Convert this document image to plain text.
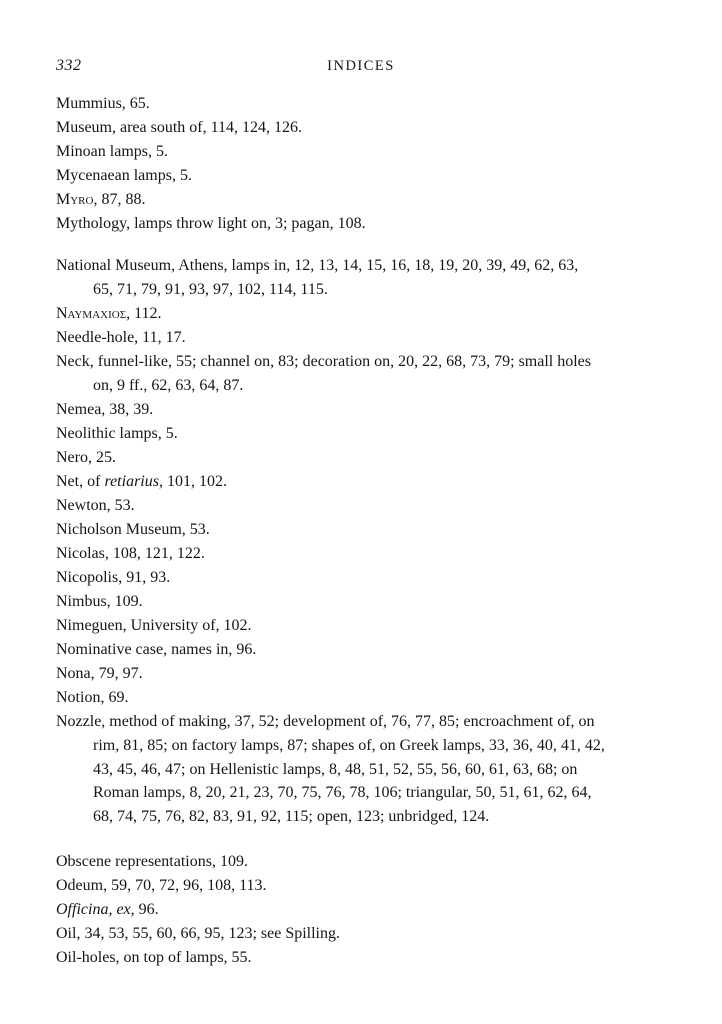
332	INDICES
Mummius, 65.
Museum, area south of, 114, 124, 126.
Minoan lamps, 5.
Mycenaean lamps, 5.
Myro, 87, 88.
Mythology, lamps throw light on, 3; pagan, 108.
National Museum, Athens, lamps in, 12, 13, 14, 15, 16, 18, 19, 20, 39, 49, 62, 63,
65, 71, 79, 91, 93, 97, 102, 114, 115.
Naymaxioσ, 112.
Needle-hole, 11, 17.
Neck, funnel-like, 55; channel on, 83; decoration on, 20, 22, 68, 73, 79; small holes
on, 9 ff., 62, 63, 64, 87.
Nemea, 38, 39.
Neolithic lamps, 5.
Nero, 25.
Net, of retiarius, 101, 102.
Newton, 53.
Nicholson Museum, 53.
Nicolas, 108, 121, 122.
Nicopolis, 91, 93.
Nimbus, 109.
Nimeguen, University of, 102.
Nominative case, names in, 96.
Nona, 79, 97.
Notion, 69.
Nozzle, method of making, 37, 52; development of, 76, 77, 85; encroachment of, on
rim, 81, 85; on factory lamps, 87; shapes of, on Greek lamps, 33, 36, 40, 41, 42,
43, 45, 46, 47; on Hellenistic lamps, 8, 48, 51, 52, 55, 56, 60, 61, 63, 68; on
Roman lamps, 8, 20, 21, 23, 70, 75, 76, 78, 106; triangular, 50, 51, 61, 62, 64,
68, 74, 75, 76, 82, 83, 91, 92, 115; open, 123; unbridged, 124.
Obscene representations, 109.
Odeum, 59, 70, 72, 96, 108, 113.
Officina, ex, 96.
Oil, 34, 53, 55, 60, 66, 95, 123; see Spilling.
Oil-holes, on top of lamps, 55.
